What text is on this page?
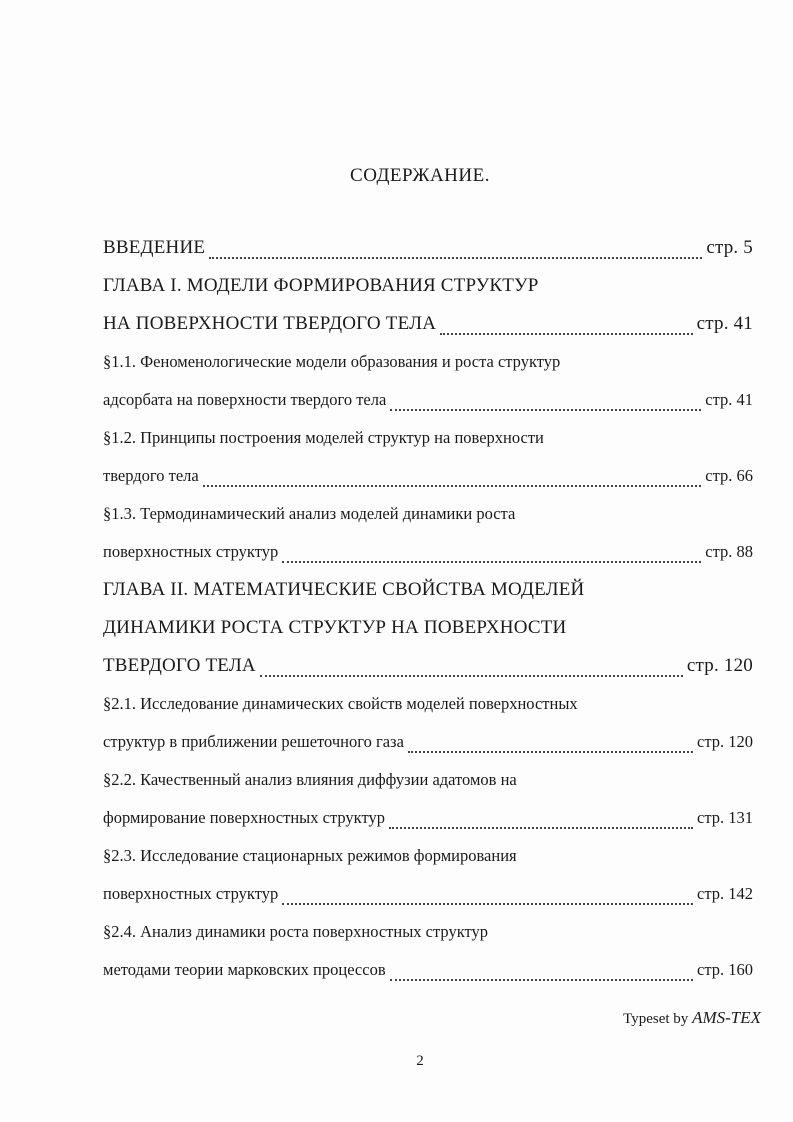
СОДЕРЖАНИЕ.
ВВЕДЕНИЕ	стр. 5
ГЛАВА I. МОДЕЛИ ФОРМИРОВАНИЯ СТРУКТУР
НА ПОВЕРХНОСТИ ТВЕРДОГО ТЕЛА	стр. 41
§1.1. Феноменологические модели образования и роста структур
адсорбата на поверхности твердого тела	стр. 41
§1.2. Принципы построения моделей структур на поверхности
твердого тела	стр. 66
§1.3. Термодинамический анализ моделей динамики роста
поверхностных структур	стр. 88
ГЛАВА II. МАТЕМАТИЧЕСКИЕ СВОЙСТВА МОДЕЛЕЙ
ДИНАМИКИ РОСТА СТРУКТУР НА ПОВЕРХНОСТИ
ТВЕРДОГО ТЕЛА	стр. 120
§2.1. Исследование динамических свойств моделей поверхностных
структур в приближении решеточного газа	стр. 120
§2.2. Качественный анализ влияния диффузии адатомов на
формирование поверхностных структур	стр. 131
§2.3. Исследование стационарных режимов формирования
поверхностных структур	стр. 142
§2.4. Анализ динамики роста поверхностных структур
методами теории марковских процессов	стр. 160
Typeset by AMS-TEX
2
